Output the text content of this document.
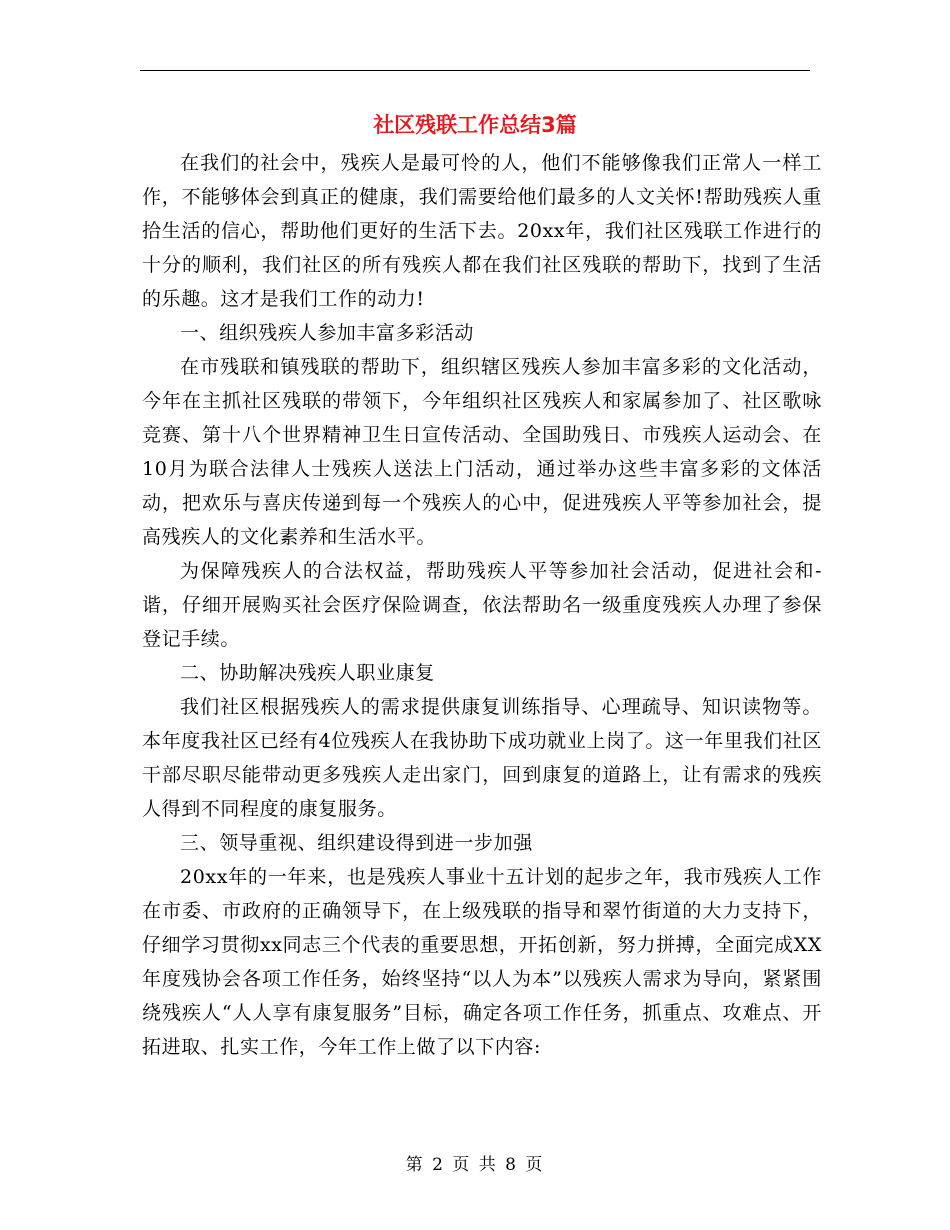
社区残联工作总结3篇

在我们的社会中，残疾人是最可怜的人，他们不能够像我们正常人一样工作，不能够体会到真正的健康，我们需要给他们最多的人文关怀!帮助残疾人重拾生活的信心，帮助他们更好的生活下去。20xx年，我们社区残联工作进行的十分的顺利，我们社区的所有残疾人都在我们社区残联的帮助下，找到了生活的乐趣。这才是我们工作的动力!

一、组织残疾人参加丰富多彩活动

在市残联和镇残联的帮助下，组织辖区残疾人参加丰富多彩的文化活动，今年在主抓社区残联的带领下，今年组织社区残疾人和家属参加了、社区歌咏竞赛、第十八个世界精神卫生日宣传活动、全国助残日、市残疾人运动会、在10月为联合法律人士残疾人送法上门活动，通过举办这些丰富多彩的文体活动，把欢乐与喜庆传递到每一个残疾人的心中，促进残疾人平等参加社会，提高残疾人的文化素养和生活水平。

为保障残疾人的合法权益，帮助残疾人平等参加社会活动，促进社会和-谐，仔细开展购买社会医疗保险调查，依法帮助名一级重度残疾人办理了参保登记手续。

二、协助解决残疾人职业康复

我们社区根据残疾人的需求提供康复训练指导、心理疏导、知识读物等。本年度我社区已经有4位残疾人在我协助下成功就业上岗了。这一年里我们社区干部尽职尽能带动更多残疾人走出家门，回到康复的道路上，让有需求的残疾人得到不同程度的康复服务。

三、领导重视、组织建设得到进一步加强

20xx年的一年来，也是残疾人事业十五计划的起步之年，我市残疾人工作在市委、市政府的正确领导下，在上级残联的指导和翠竹街道的大力支持下，仔细学习贯彻xx同志三个代表的重要思想，开拓创新，努力拼搏，全面完成XX年度残协会各项工作任务，始终坚持“以人为本”以残疾人需求为导向，紧紧围绕残疾人“人人享有康复服务”目标，确定各项工作任务，抓重点、攻难点、开拓进取、扎实工作，今年工作上做了以下内容:

第 2 页 共 8 页
